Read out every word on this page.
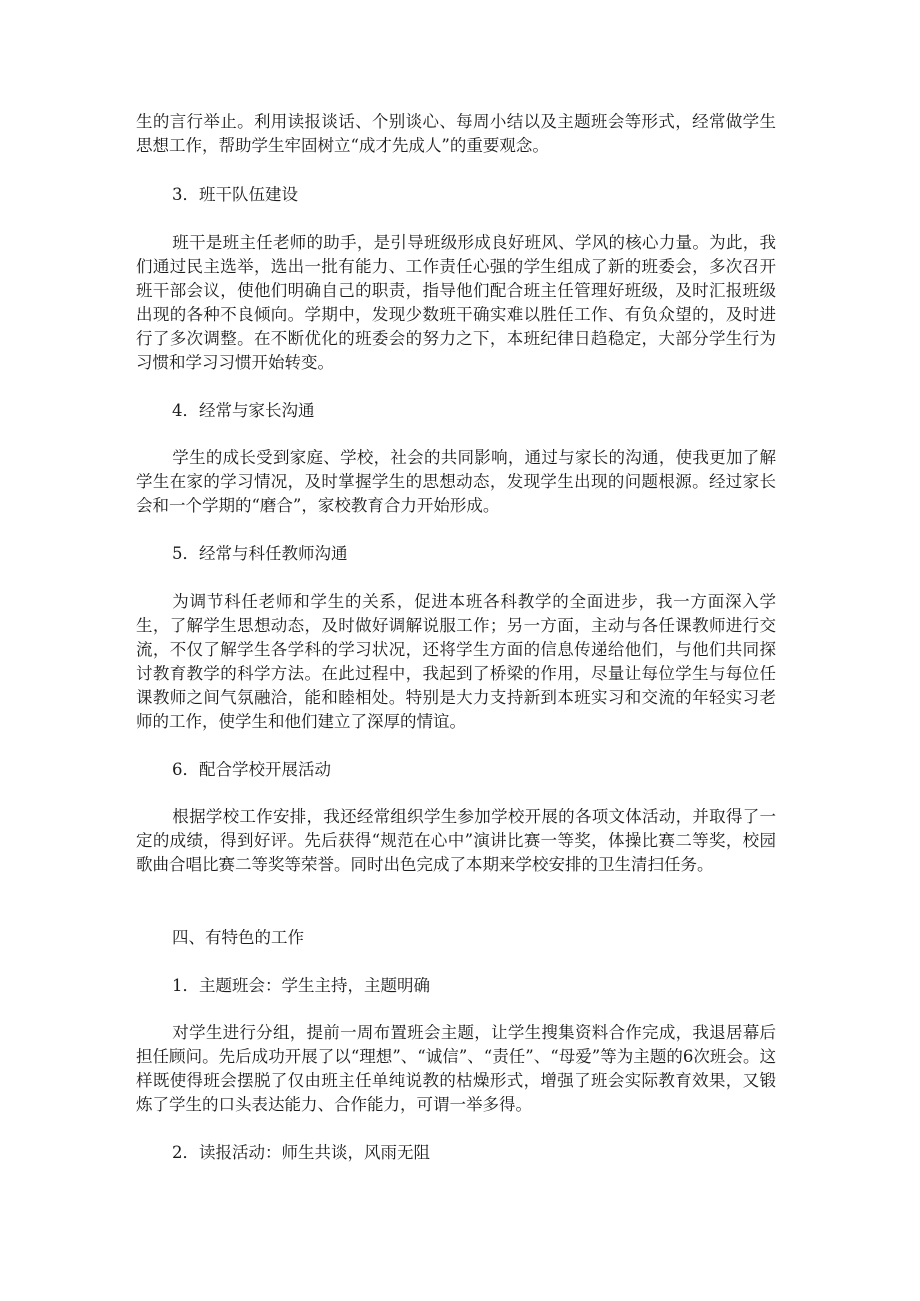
生的言行举止。利用读报谈话、个别谈心、每周小结以及主题班会等形式，经常做学生思想工作，帮助学生牢固树立“成才先成人”的重要观念。

3．班干队伍建设

班干是班主任老师的助手，是引导班级形成良好班风、学风的核心力量。为此，我们通过民主选举，选出一批有能力、工作责任心强的学生组成了新的班委会，多次召开班干部会议，使他们明确自己的职责，指导他们配合班主任管理好班级，及时汇报班级出现的各种不良倾向。学期中，发现少数班干确实难以胜任工作、有负众望的，及时进行了多次调整。在不断优化的班委会的努力之下，本班纪律日趋稳定，大部分学生行为习惯和学习习惯开始转变。

4．经常与家长沟通

学生的成长受到家庭、学校，社会的共同影响，通过与家长的沟通，使我更加了解学生在家的学习情况，及时掌握学生的思想动态，发现学生出现的问题根源。经过家长会和一个学期的“磨合”，家校教育合力开始形成。

5．经常与科任教师沟通

为调节科任老师和学生的关系，促进本班各科教学的全面进步，我一方面深入学生，了解学生思想动态，及时做好调解说服工作；另一方面，主动与各任课教师进行交流，不仅了解学生各学科的学习状况，还将学生方面的信息传递给他们，与他们共同探讨教育教学的科学方法。在此过程中，我起到了桥梁的作用，尽量让每位学生与每位任课教师之间气氛融洽，能和睦相处。特别是大力支持新到本班实习和交流的年轻实习老师的工作，使学生和他们建立了深厚的情谊。

6．配合学校开展活动

根据学校工作安排，我还经常组织学生参加学校开展的各项文体活动，并取得了一定的成绩，得到好评。先后获得“规范在心中”演讲比赛一等奖，体操比赛二等奖，校园歌曲合唱比赛二等奖等荣誉。同时出色完成了本期来学校安排的卫生清扫任务。

四、有特色的工作

1．主题班会：学生主持，主题明确

对学生进行分组，提前一周布置班会主题，让学生搜集资料合作完成，我退居幕后担任顾问。先后成功开展了以“理想”、“诚信”、“责任”、“母爱”等为主题的6次班会。这样既使得班会摆脱了仅由班主任单纯说教的枯燥形式，增强了班会实际教育效果，又锻炼了学生的口头表达能力、合作能力，可谓一举多得。

2．读报活动：师生共谈，风雨无阻
